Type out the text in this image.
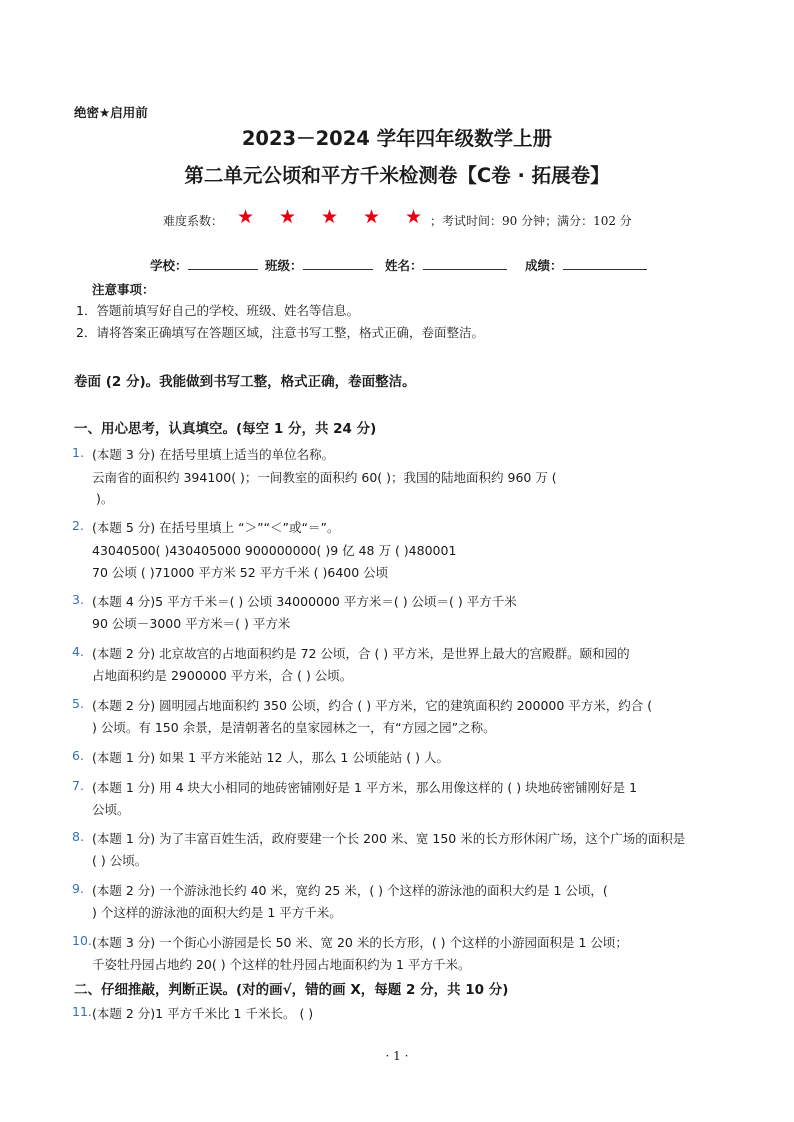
绝密★启用前
2023－2024 学年四年级数学上册
第二单元公顷和平方千米检测卷【C卷 · 拓展卷】
难度系数： ★ ★ ★ ★ ★ ；考试时间：90 分钟；满分：102 分
学校：	班级：	姓名：	成绩：
注意事项：
1．答题前填写好自己的学校、班级、姓名等信息。
2．请将答案正确填写在答题区域，注意书写工整，格式正确，卷面整洁。
卷面 (2 分)。我能做到书写工整，格式正确，卷面整洁。
一、用心思考，认真填空。(每空 1 分，共 24 分)
1. (本题 3 分) 在括号里填上适当的单位名称。
云南省的面积约 394100( )；一间教室的面积约 60( )；我国的陆地面积约 960 万 (
)。
2. (本题 5 分) 在括号里填上 “＞”“＜”或“＝”。
43040500( )430405000 900000000( )9 亿 48 万 ( )480001
70 公顷 ( )71000 平方米 52 平方千米 ( )6400 公顷
3. (本题 4 分)5 平方千米＝( ) 公顷 34000000 平方米＝( ) 公顷＝( ) 平方千米
90 公顷－3000 平方米＝( ) 平方米
4. (本题 2 分) 北京故宫的占地面积约是 72 公顷，合 ( ) 平方米，是世界上最大的宫殿群。颐和园的
占地面积约是 2900000 平方米，合 ( ) 公顷。
5. (本题 2 分) 圆明园占地面积约 350 公顷，约合 ( ) 平方米，它的建筑面积约 200000 平方米，约合 (
) 公顷。有 150 余景，是清朝著名的皇家园林之一，有“方园之园”之称。
6. (本题 1 分) 如果 1 平方米能站 12 人，那么 1 公顷能站 ( ) 人。
7. (本题 1 分) 用 4 块大小相同的地砖密铺刚好是 1 平方米，那么用像这样的 ( ) 块地砖密铺刚好是 1
公顷。
8. (本题 1 分) 为了丰富百姓生活，政府要建一个长 200 米、宽 150 米的长方形休闲广场，这个广场的面积是
( ) 公顷。
9. (本题 2 分) 一个游泳池长约 40 米，宽约 25 米，( ) 个这样的游泳池的面积大约是 1 公顷，(
) 个这样的游泳池的面积大约是 1 平方千米。
10. (本题 3 分) 一个街心小游园是长 50 米、宽 20 米的长方形，( ) 个这样的小游园面积是 1 公顷；
千姿牡丹园占地约 20( ) 个这样的牡丹园占地面积约为 1 平方千米。
二、仔细推敲，判断正误。(对的画√，错的画 X，每题 2 分，共 10 分)
11. (本题 2 分)1 平方千米比 1 千米长。 ( )
· 1 ·
